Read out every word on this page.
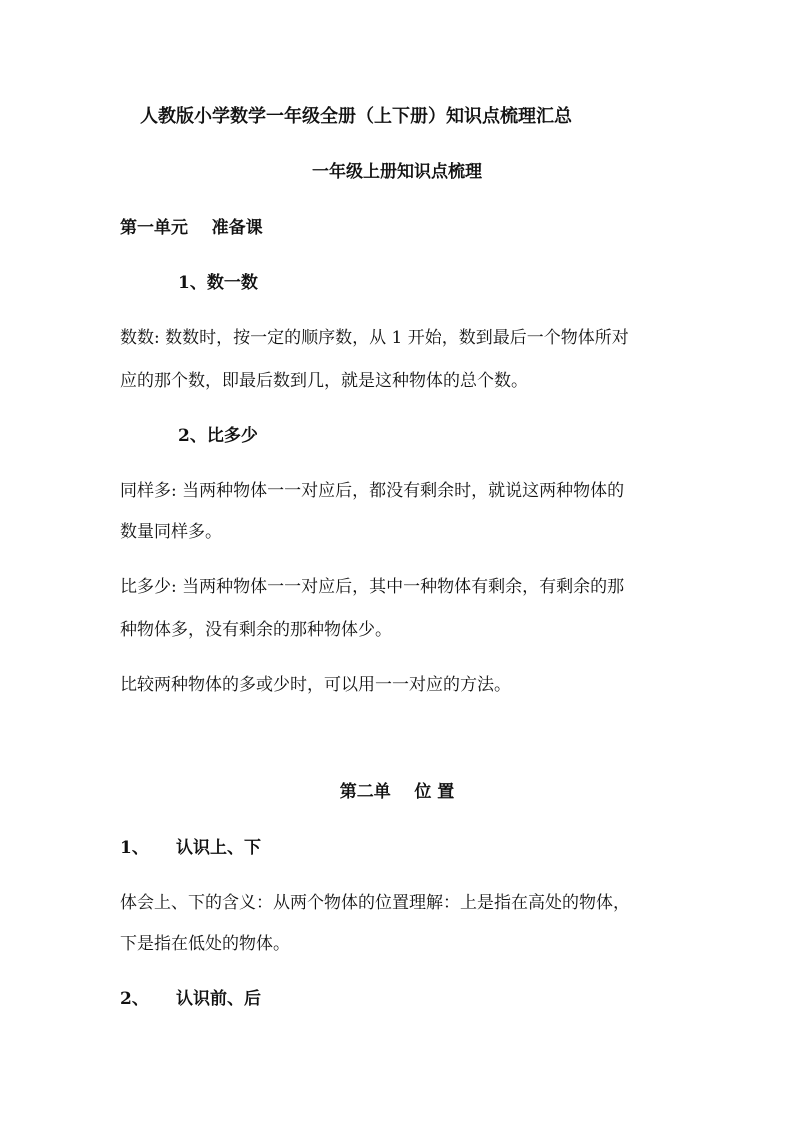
人教版小学数学一年级全册（上下册）知识点梳理汇总
一年级上册知识点梳理
第一单元    准备课
1、数一数
数数: 数数时，按一定的顺序数，从 1 开始，数到最后一个物体所对
应的那个数，即最后数到几，就是这种物体的总个数。
2、比多少
同样多: 当两种物体一一对应后，都没有剩余时，就说这两种物体的
数量同样多。
比多少: 当两种物体一一对应后，其中一种物体有剩余，有剩余的那
种物体多，没有剩余的那种物体少。
比较两种物体的多或少时，可以用一一对应的方法。
第二单    位 置
1、 认识上、下
体会上、下的含义：从两个物体的位置理解：上是指在高处的物体，
下是指在低处的物体。
2、 认识前、后
